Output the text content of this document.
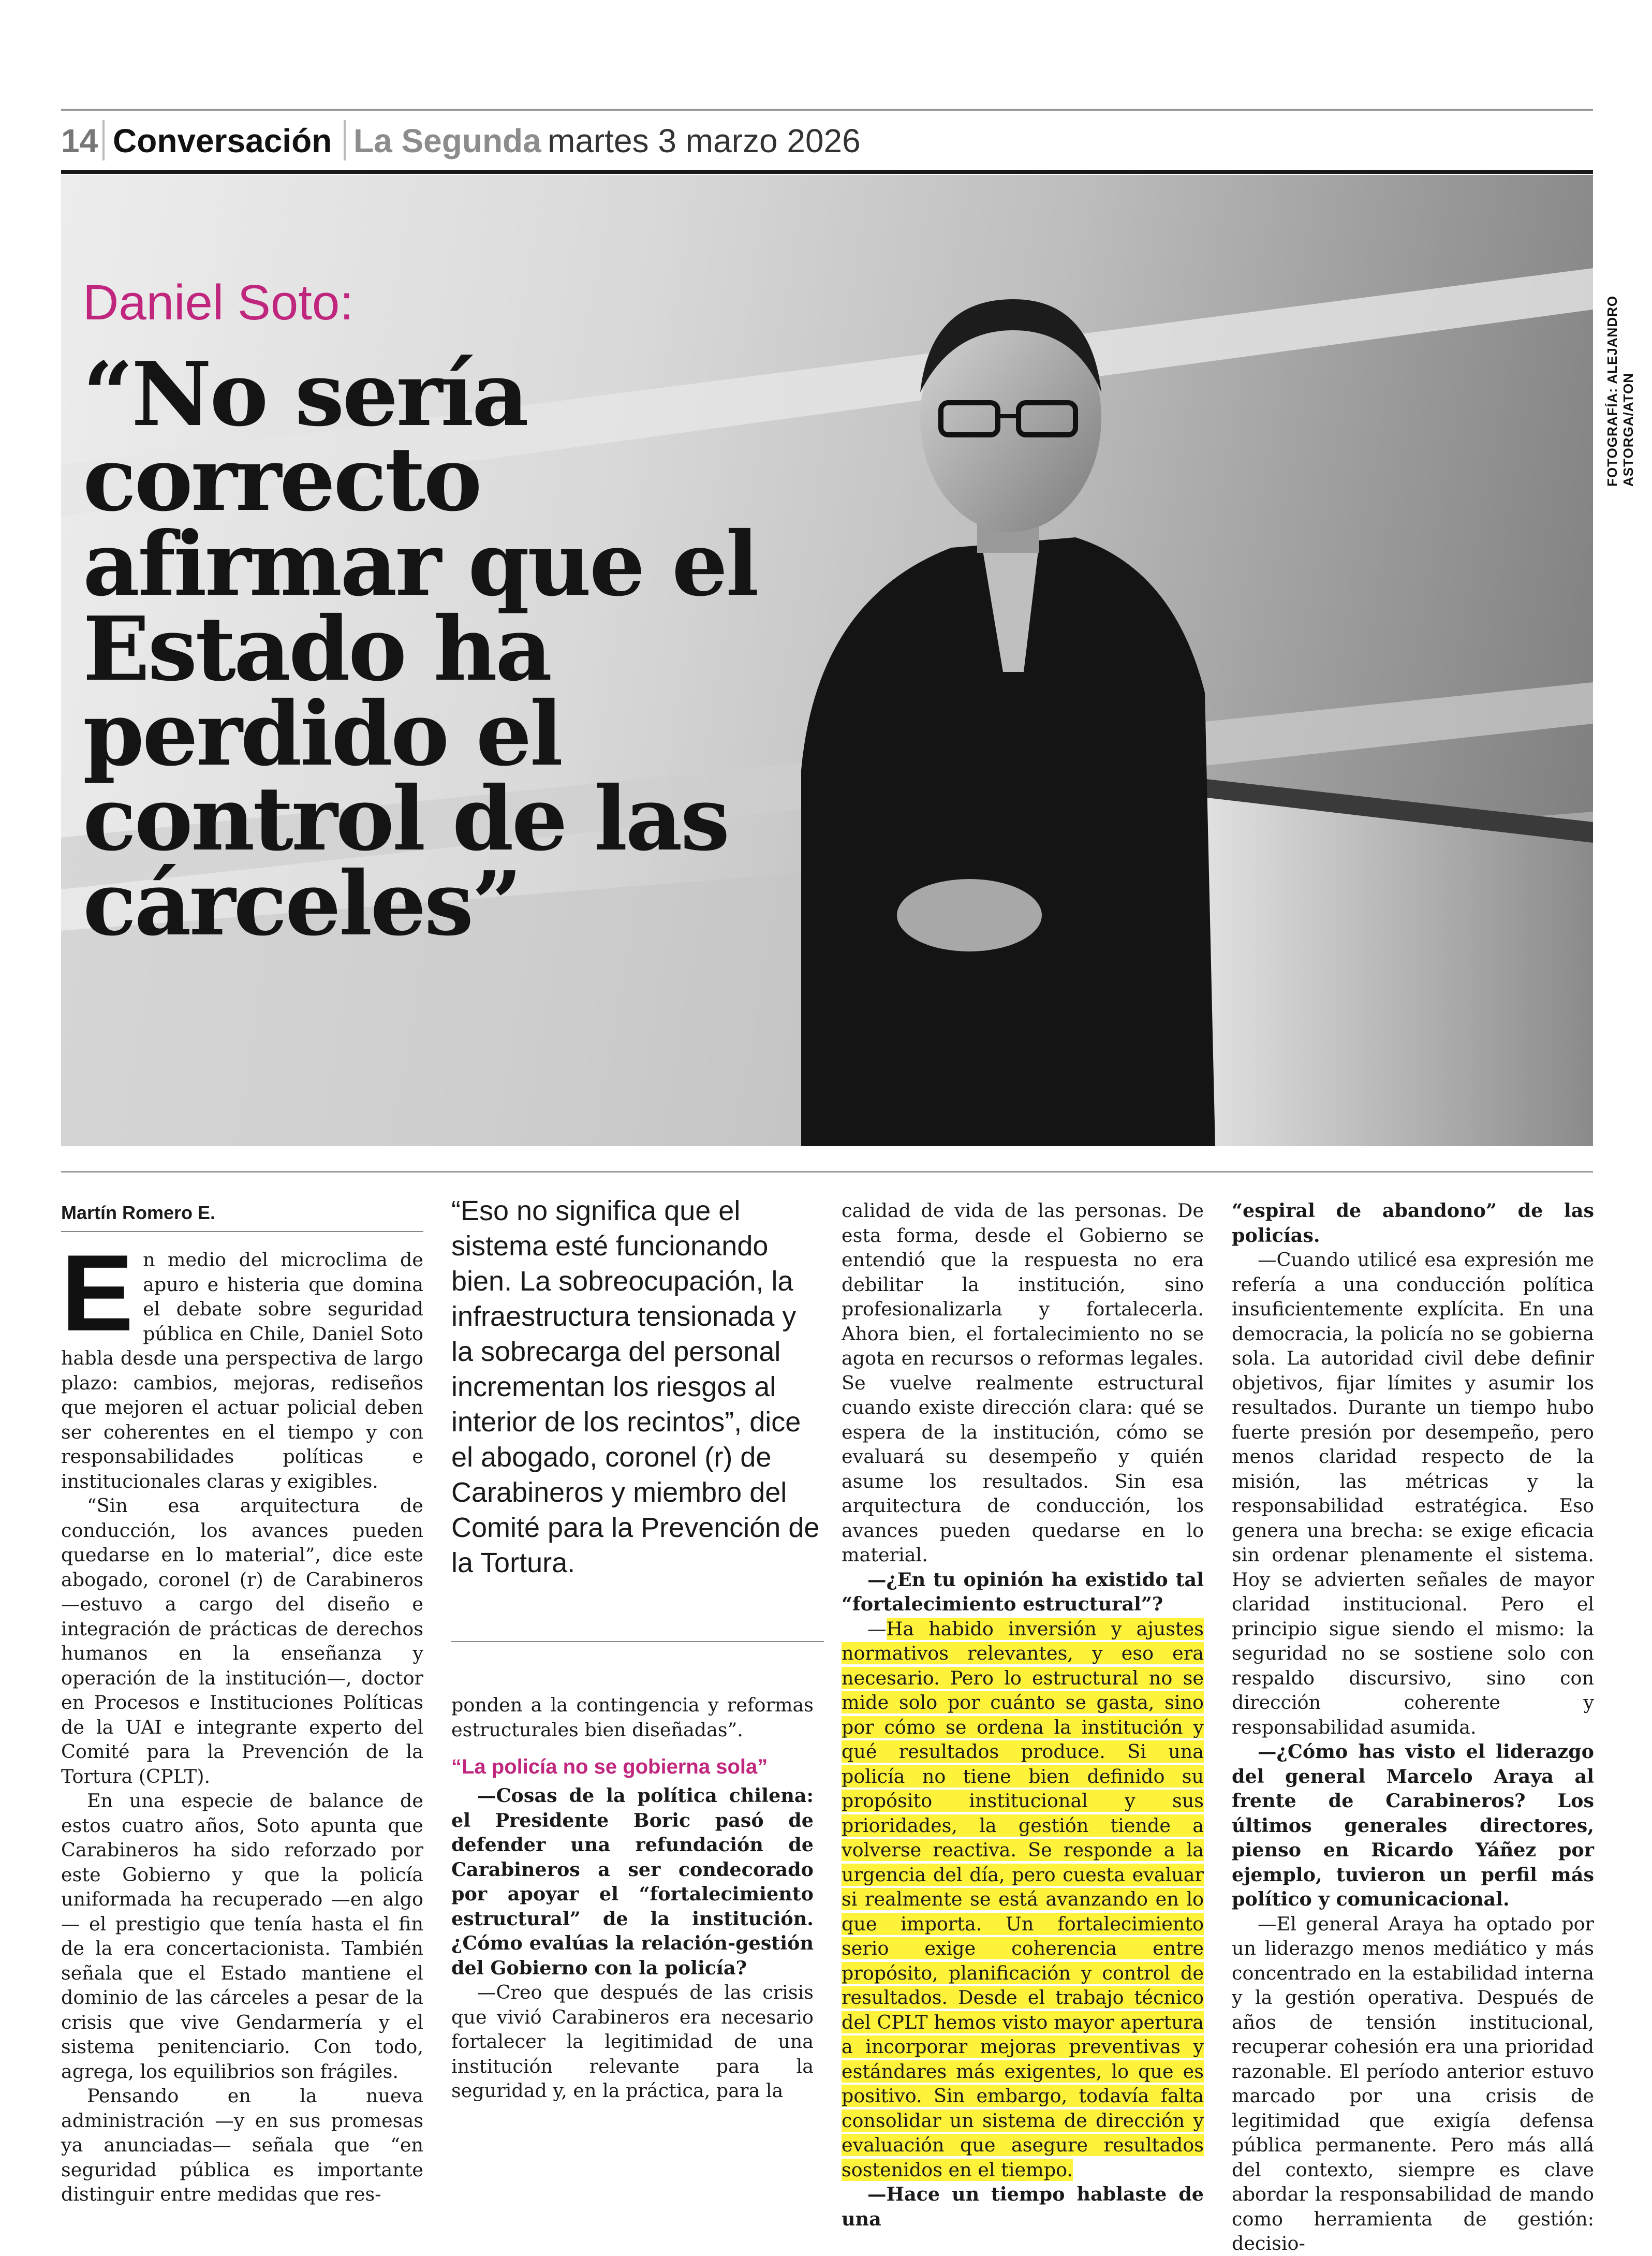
14 Conversación La Segunda martes 3 marzo 2026
Daniel Soto:
“No sería correcto afirmar que el Estado ha perdido el control de las cárceles”
FOTOGRAFÍA: ALEJANDRO ASTORGA/ATON
Martín Romero E.

En medio del microclima de apuro e histeria que domina el debate sobre seguridad pública en Chile, Daniel Soto habla desde una perspectiva de largo plazo: cambios, mejoras, rediseños que mejoren el actuar policial deben ser coherentes en el tiempo y con responsabilidades políticas e institucionales claras y exigibles.

“Sin esa arquitectura de conducción, los avances pueden quedarse en lo material”, dice este abogado, coronel (r) de Carabineros —estuvo a cargo del diseño e integración de prácticas de derechos humanos en la enseñanza y operación de la institución—, doctor en Procesos e Instituciones Políticas de la UAI e integrante experto del Comité para la Prevención de la Tortura (CPLT).

En una especie de balance de estos cuatro años, Soto apunta que Carabineros ha sido reforzado por este Gobierno y que la policía uniformada ha recuperado —en algo— el prestigio que tenía hasta el fin de la era concertacionista. También señala que el Estado mantiene el dominio de las cárceles a pesar de la crisis que vive Gendarmería y el sistema penitenciario. Con todo, agrega, los equilibrios son frágiles.

Pensando en la nueva administración —y en sus promesas ya anunciadas— señala que “en seguridad pública es importante distinguir entre medidas que res-

“Eso no significa que el sistema esté funcionando bien. La sobreocupación, la infraestructura tensionada y la sobrecarga del personal incrementan los riesgos al interior de los recintos”, dice el abogado, coronel (r) de Carabineros y miembro del Comité para la Prevención de la Tortura.

ponden a la contingencia y reformas estructurales bien diseñadas”.

“La policía no se gobierna sola”

—Cosas de la política chilena: el Presidente Boric pasó de defender una refundación de Carabineros a ser condecorado por apoyar el “fortalecimiento estructural” de la institución. ¿Cómo evalúas la relación-gestión del Gobierno con la policía?

—Creo que después de las crisis que vivió Carabineros era necesario fortalecer la legitimidad de una institución relevante para la seguridad y, en la práctica, para la

calidad de vida de las personas. De esta forma, desde el Gobierno se entendió que la respuesta no era debilitar la institución, sino profesionalizarla y fortalecerla. Ahora bien, el fortalecimiento no se agota en recursos o reformas legales. Se vuelve realmente estructural cuando existe dirección clara: qué se espera de la institución, cómo se evaluará su desempeño y quién asume los resultados. Sin esa arquitectura de conducción, los avances pueden quedarse en lo material.

—¿En tu opinión ha existido tal “fortalecimiento estructural”?

—Ha habido inversión y ajustes normativos relevantes, y eso era necesario. Pero lo estructural no se mide solo por cuánto se gasta, sino por cómo se ordena la institución y qué resultados produce. Si una policía no tiene bien definido su propósito institucional y sus prioridades, la gestión tiende a volverse reactiva. Se responde a la urgencia del día, pero cuesta evaluar si realmente se está avanzando en lo que importa. Un fortalecimiento serio exige coherencia entre propósito, planificación y control de resultados. Desde el trabajo técnico del CPLT hemos visto mayor apertura a incorporar mejoras preventivas y estándares más exigentes, lo que es positivo. Sin embargo, todavía falta consolidar un sistema de dirección y evaluación que asegure resultados sostenidos en el tiempo.

—Hace un tiempo hablaste de una

“espiral de abandono” de las policías.

—Cuando utilicé esa expresión me refería a una conducción política insuficientemente explícita. En una democracia, la policía no se gobierna sola. La autoridad civil debe definir objetivos, fijar límites y asumir los resultados. Durante un tiempo hubo fuerte presión por desempeño, pero menos claridad respecto de la misión, las métricas y la responsabilidad estratégica. Eso genera una brecha: se exige eficacia sin ordenar plenamente el sistema. Hoy se advierten señales de mayor claridad institucional. Pero el principio sigue siendo el mismo: la seguridad no se sostiene solo con respaldo discursivo, sino con dirección coherente y responsabilidad asumida.

—¿Cómo has visto el liderazgo del general Marcelo Araya al frente de Carabineros? Los últimos generales directores, pienso en Ricardo Yáñez por ejemplo, tuvieron un perfil más político y comunicacional.

—El general Araya ha optado por un liderazgo menos mediático y más concentrado en la estabilidad interna y la gestión operativa. Después de años de tensión institucional, recuperar cohesión era una prioridad razonable. El período anterior estuvo marcado por una crisis de legitimidad que exigía defensa pública permanente. Pero más allá del contexto, siempre es clave abordar la responsabilidad de mando como herramienta de gestión: decisio-
